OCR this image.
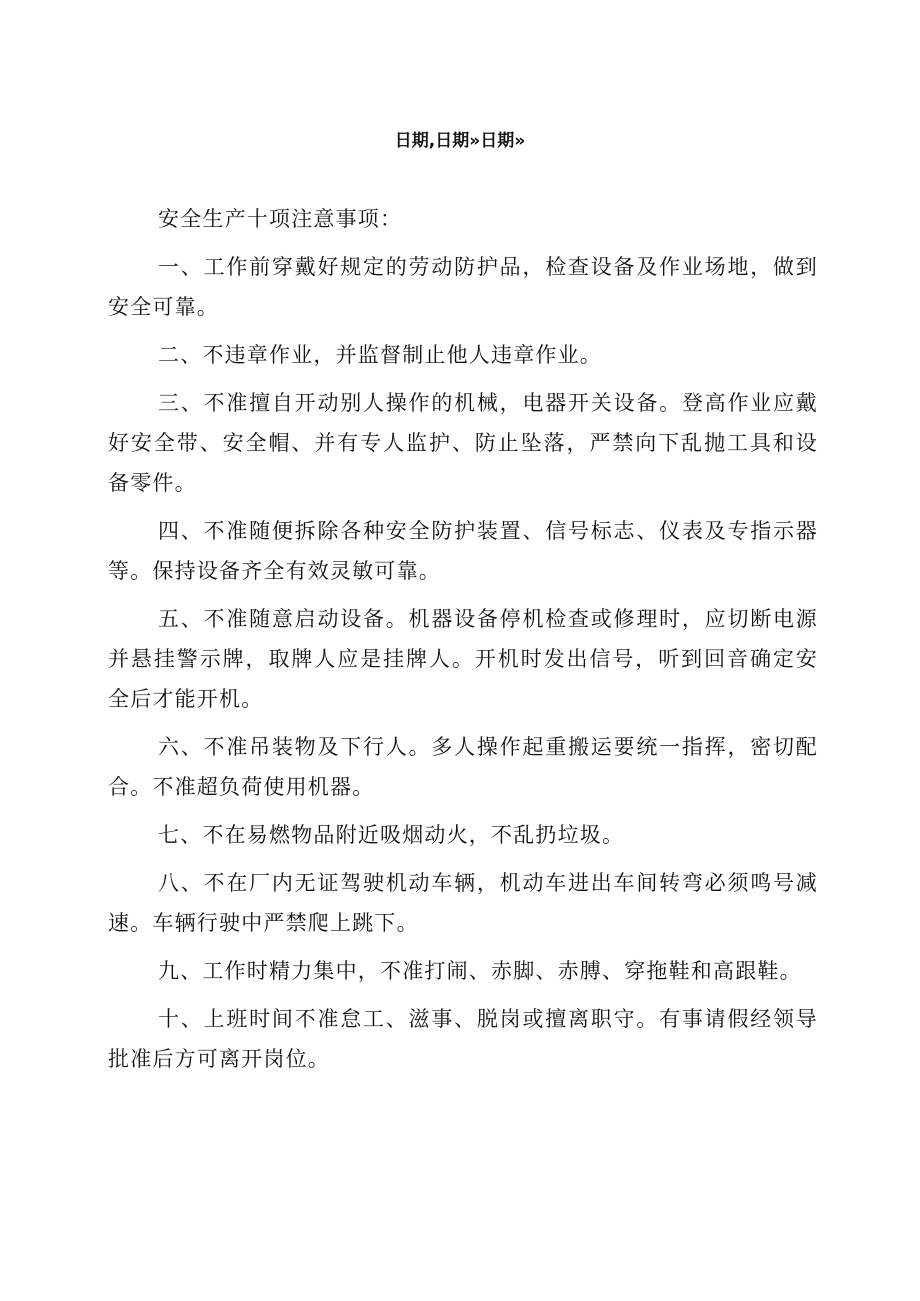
日期,日期»日期»

安全生产十项注意事项：

一、工作前穿戴好规定的劳动防护品，检查设备及作业场地，做到安全可靠。

二、不违章作业，并监督制止他人违章作业。

三、不准擅自开动别人操作的机械，电器开关设备。登高作业应戴好安全带、安全帽、并有专人监护、防止坠落，严禁向下乱抛工具和设备零件。

四、不准随便拆除各种安全防护装置、信号标志、仪表及专指示器等。保持设备齐全有效灵敏可靠。

五、不准随意启动设备。机器设备停机检查或修理时，应切断电源并悬挂警示牌，取牌人应是挂牌人。开机时发出信号，听到回音确定安全后才能开机。

六、不准吊装物及下行人。多人操作起重搬运要统一指挥，密切配合。不准超负荷使用机器。

七、不在易燃物品附近吸烟动火，不乱扔垃圾。

八、不在厂内无证驾驶机动车辆，机动车进出车间转弯必须鸣号减速。车辆行驶中严禁爬上跳下。

九、工作时精力集中，不准打闹、赤脚、赤膊、穿拖鞋和高跟鞋。

十、上班时间不准怠工、滋事、脱岗或擅离职守。有事请假经领导批准后方可离开岗位。
